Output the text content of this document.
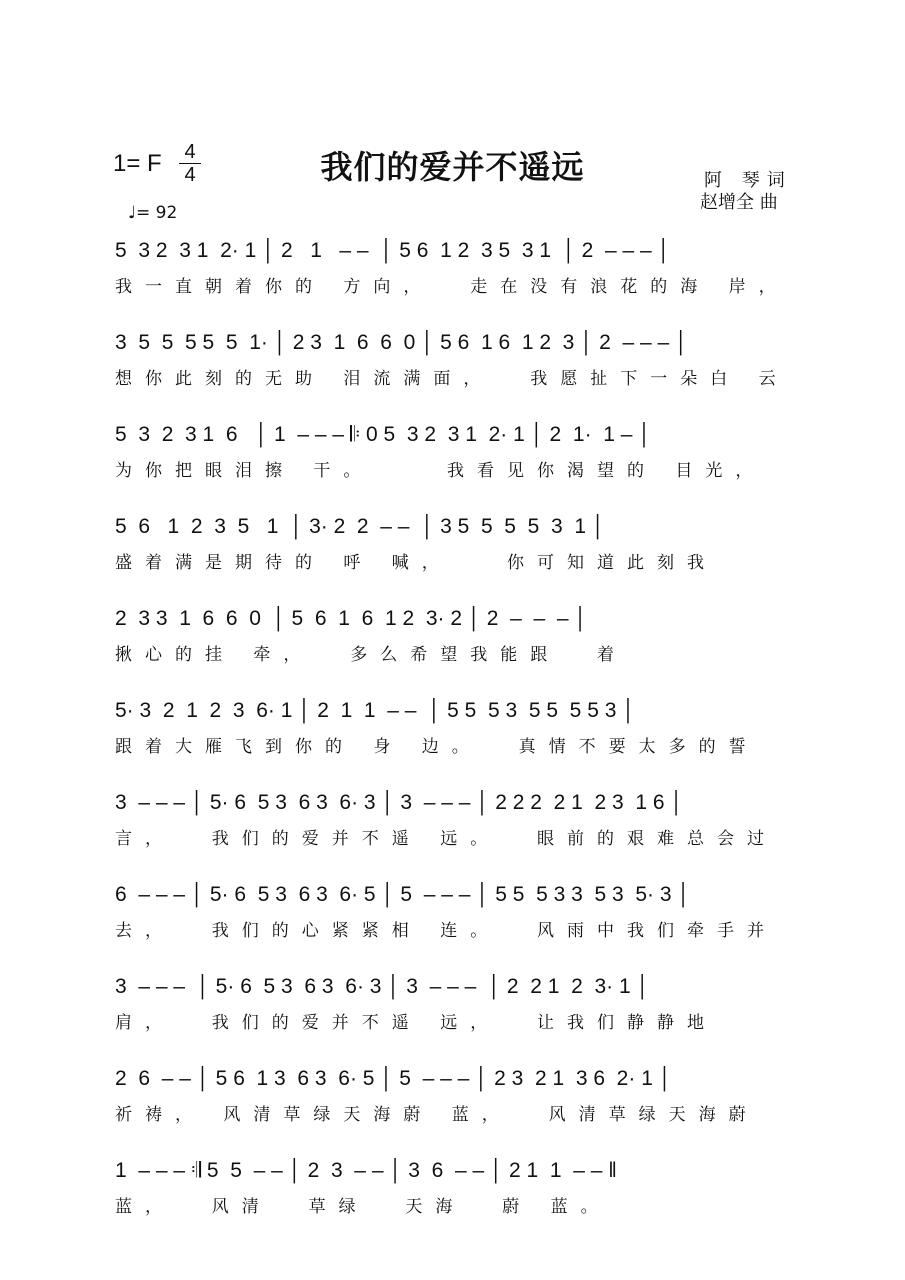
1= F 4
4	我们的爱并不遥远	阿 琴词
赵增全 曲
♩= 92
5  3 2  3 1  2· 1 │ 2   1   – –  │ 5 6  1 2  3 5  3 1  │ 2  – – – │
我一直朝着你的 方向，  走在没有浪花的海 岸，
3  5  5  5 5  5  1· │ 2 3  1  6  6  0 │ 5 6  1 6  1 2  3 │ 2  – – – │
想你此刻的无助 泪流满面，  我愿扯下一朵白 云
5  3  2  3 1  6   │ 1  – – – 𝄆 0 5  3 2  3 1  2· 1 │ 2  1·  1 – │
为你把眼泪擦 干。    我看见你渴望的 目光，
5  6   1  2  3  5   1  │ 3· 2  2  – –  │ 3 5  5  5  5  3  1 │
盛着满是期待的 呼 喊，   你可知道此刻我
2  3 3  1  6  6  0  │ 5  6  1  6  1 2  3· 2 │ 2  –  –  – │
揪心的挂 牵，  多么希望我能跟  着
5· 3  2  1  2  3  6· 1 │ 2  1  1  – –  │ 5 5  5 3  5 5  5 5 3 │
跟着大雁飞到你的 身 边。  真情不要太多的誓
3  – – – │ 5· 6  5 3  6 3  6· 3 │ 3  – – – │ 2 2 2  2 1  2 3  1 6 │
言，  我们的爱并不遥 远。  眼前的艰难总会过
6  – – – │ 5· 6  5 3  6 3  6· 5 │ 5  – – – │ 5 5  5 3 3  5 3  5· 3 │
去，  我们的心紧紧相 连。  风雨中我们牵手并
3  – – –  │ 5· 6  5 3  6 3  6· 3 │ 3  – – –  │ 2  2 1  2  3· 1 │
肩，  我们的爱并不遥 远，  让我们静静地
2  6  – – │ 5 6  1 3  6 3  6· 5 │ 5  – – – │ 2 3  2 1  3 6  2· 1 │
祈祷， 风清草绿天海蔚 蓝，  风清草绿天海蔚
1  – – – 𝄇 5  5  – – │ 2  3  – – │ 3  6  – – │ 2 1  1  – – ‖
蓝，  风清  草绿  天海  蔚 蓝。
